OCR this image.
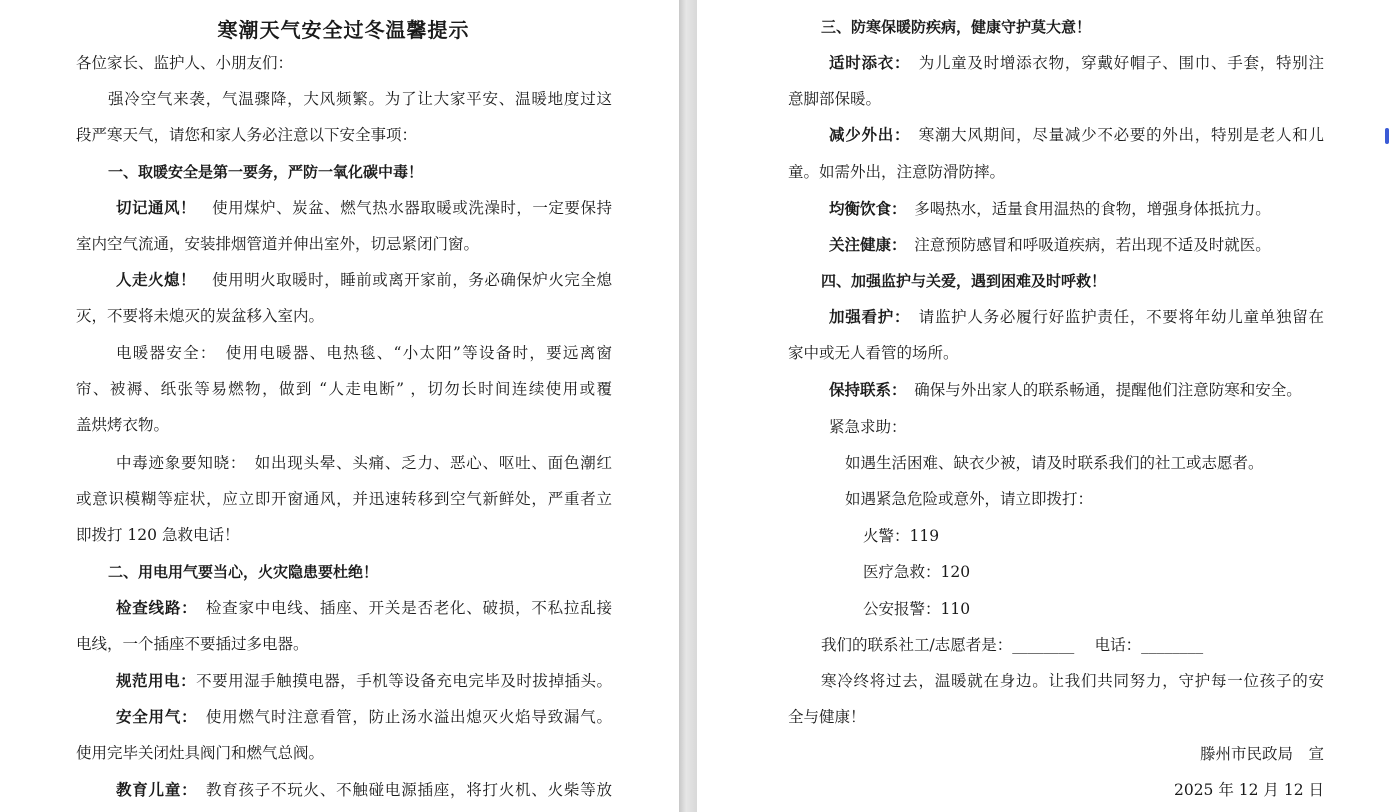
寒潮天气安全过冬温馨提示
各位家长、监护人、小朋友们：
强冷空气来袭，气温骤降，大风频繁。为了让大家平安、温暖地度过这
段严寒天气，请您和家人务必注意以下安全事项：
一、取暖安全是第一要务，严防一氧化碳中毒！
切记通风！　 使用煤炉、炭盆、燃气热水器取暖或洗澡时，一定要保持
室内空气流通，安装排烟管道并伸出室外，切忌紧闭门窗。
人走火熄！　 使用明火取暖时，睡前或离开家前，务必确保炉火完全熄
灭，不要将未熄灭的炭盆移入室内。
电暖器安全：　 使用电暖器、电热毯、“小太阳”等设备时，要远离窗
帘、被褥、纸张等易燃物，做到 “人走电断” ，切勿长时间连续使用或覆
盖烘烤衣物。
中毒迹象要知晓：　 如出现头晕、头痛、乏力、恶心、呕吐、面色潮红
或意识模糊等症状，应立即开窗通风，并迅速转移到空气新鲜处，严重者立
即拨打 120 急救电话！
二、用电用气要当心，火灾隐患要杜绝！
检查线路：　 检查家中电线、插座、开关是否老化、破损，不私拉乱接
电线，一个插座不要插过多电器。
规范用电：不要用湿手触摸电器，手机等设备充电完毕及时拔掉插头。
安全用气：　 使用燃气时注意看管，防止汤水溢出熄灭火焰导致漏气。
使用完毕关闭灶具阀门和燃气总阀。
教育儿童：　 教育孩子不玩火、不触碰电源插座，将打火机、火柴等放
三、防寒保暖防疾病，健康守护莫大意！
适时添衣：　 为儿童及时增添衣物，穿戴好帽子、围巾、手套，特别注
意脚部保暖。
减少外出：　 寒潮大风期间，尽量减少不必要的外出，特别是老人和儿
童。如需外出，注意防滑防摔。
均衡饮食：　 多喝热水，适量食用温热的食物，增强身体抵抗力。
关注健康：　 注意预防感冒和呼吸道疾病，若出现不适及时就医。
四、加强监护与关爱，遇到困难及时呼救！
加强看护：　 请监护人务必履行好监护责任，不要将年幼儿童单独留在
家中或无人看管的场所。
保持联系：　 确保与外出家人的联系畅通，提醒他们注意防寒和安全。
紧急求助：
如遇生活困难、缺衣少被，请及时联系我们的社工或志愿者。
如遇紧急危险或意外，请立即拨打：
火警：119
医疗急救：120
公安报警：110
我们的联系社工/志愿者是：________　 电话：________
寒冷终将过去，温暖就在身边。让我们共同努力，守护每一位孩子的安
全与健康！
滕州市民政局　宣
2025 年 12 月 12 日
